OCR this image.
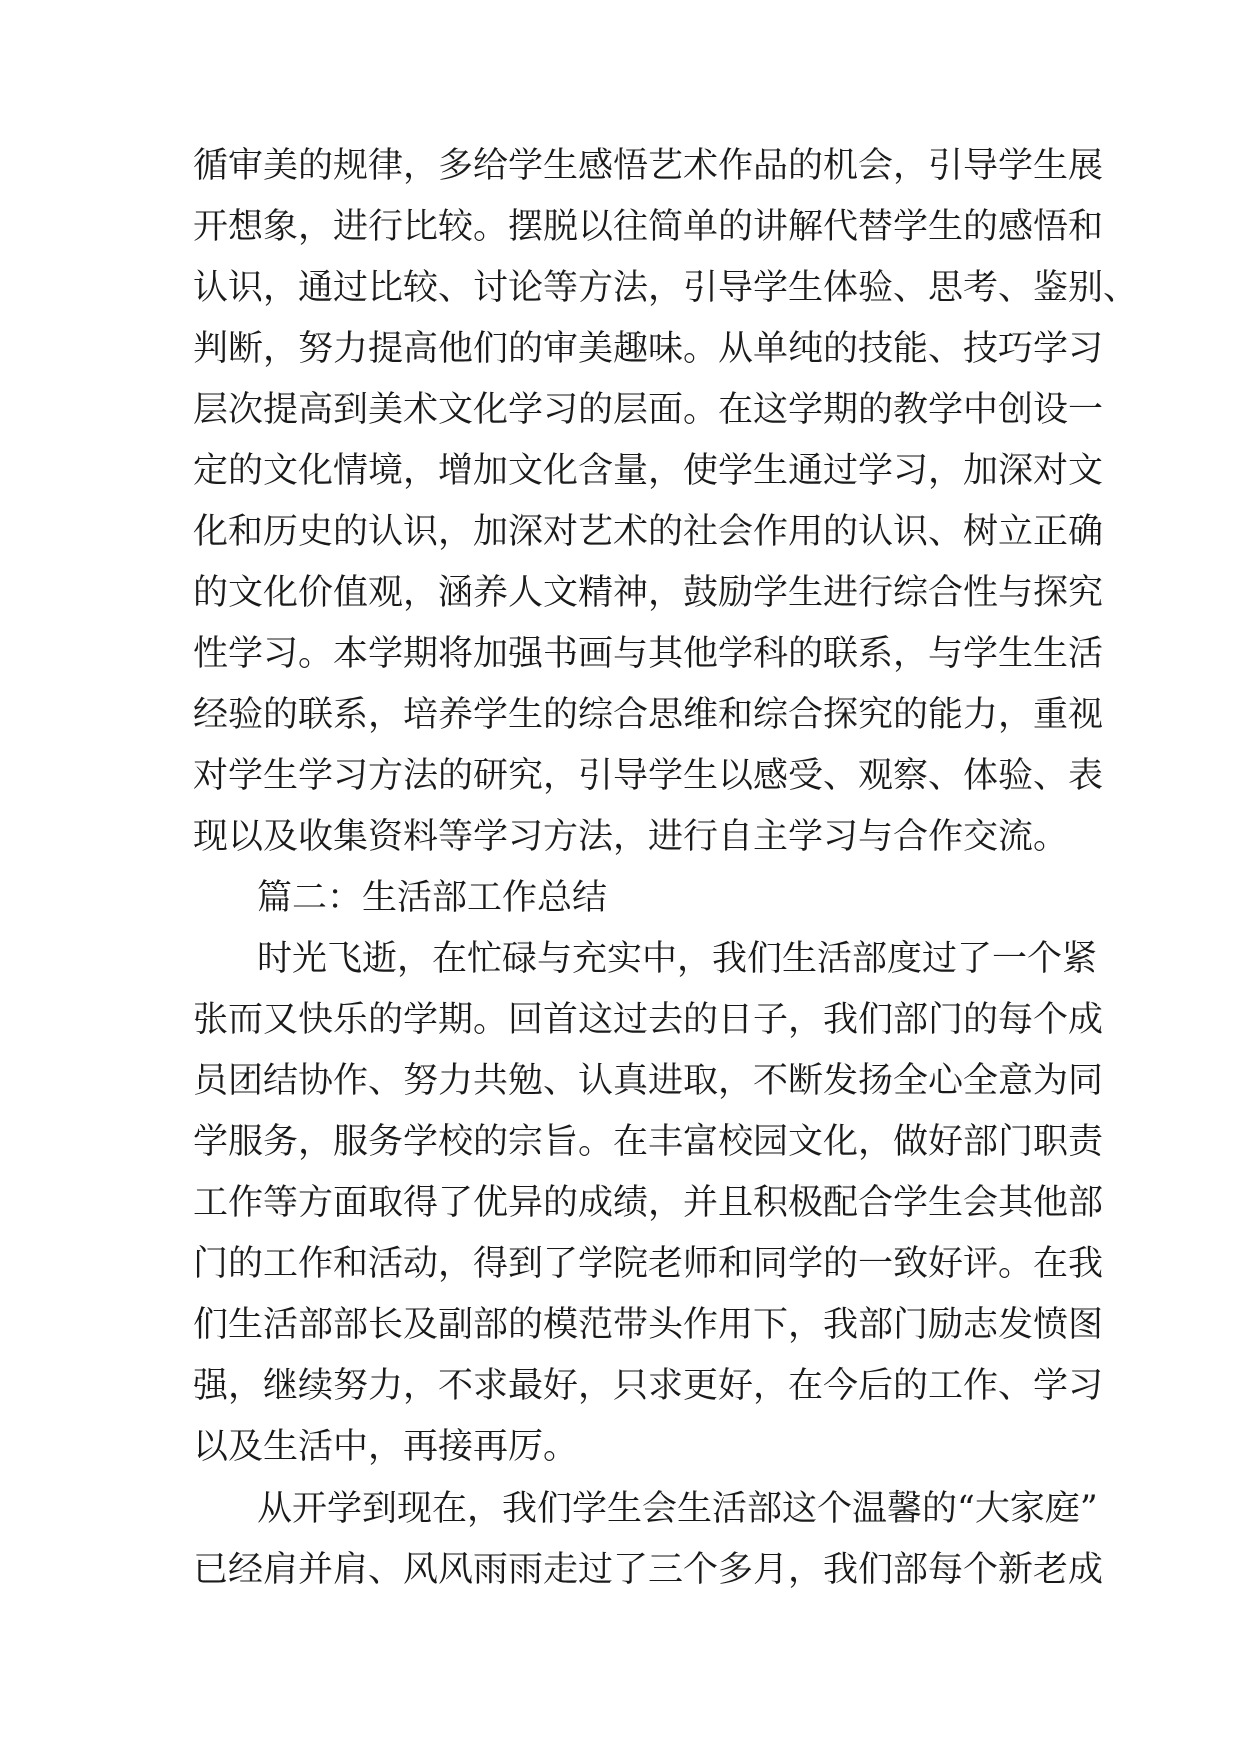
循审美的规律，多给学生感悟艺术作品的机会，引导学生展
开想象，进行比较。摆脱以往简单的讲解代替学生的感悟和
认识，通过比较、讨论等方法，引导学生体验、思考、鉴别、
判断，努力提高他们的审美趣味。从单纯的技能、技巧学习
层次提高到美术文化学习的层面。在这学期的教学中创设一
定的文化情境，增加文化含量，使学生通过学习，加深对文
化和历史的认识，加深对艺术的社会作用的认识、树立正确
的文化价值观，涵养人文精神，鼓励学生进行综合性与探究
性学习。本学期将加强书画与其他学科的联系，与学生生活
经验的联系，培养学生的综合思维和综合探究的能力，重视
对学生学习方法的研究，引导学生以感受、观察、体验、表
现以及收集资料等学习方法，进行自主学习与合作交流。
篇二：生活部工作总结
时光飞逝，在忙碌与充实中，我们生活部度过了一个紧
张而又快乐的学期。回首这过去的日子，我们部门的每个成
员团结协作、努力共勉、认真进取，不断发扬全心全意为同
学服务，服务学校的宗旨。在丰富校园文化，做好部门职责
工作等方面取得了优异的成绩，并且积极配合学生会其他部
门的工作和活动，得到了学院老师和同学的一致好评。在我
们生活部部长及副部的模范带头作用下，我部门励志发愤图
强，继续努力，不求最好，只求更好，在今后的工作、学习
以及生活中，再接再厉。
从开学到现在，我们学生会生活部这个温馨的“大家庭”
已经肩并肩、风风雨雨走过了三个多月，我们部每个新老成
